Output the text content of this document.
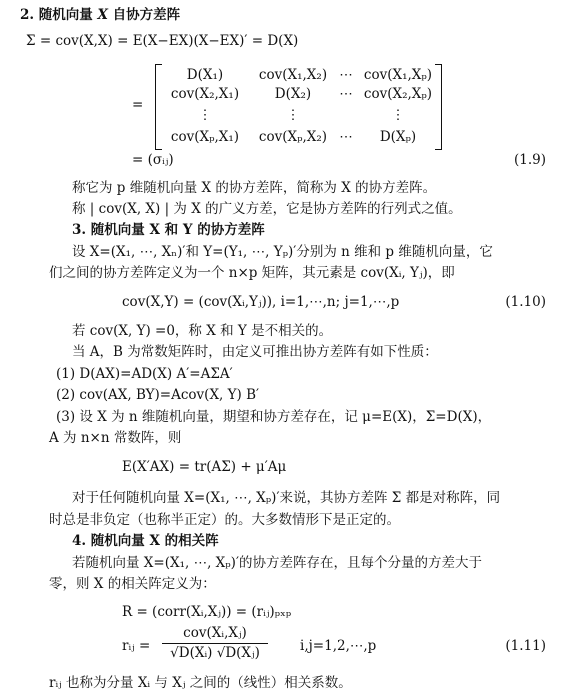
2. 随机向量 X 自协方差阵
Σ = cov(X,X) = E(X−EX)(X−EX)′ = D(X)
=
D(X₁)	cov(X₁,X₂) ⋯ cov(X₁,Xₚ)
cov(X₂,X₁)	D(X₂)	⋯ cov(X₂,Xₚ)
⋮	⋮	⋮
cov(Xₚ,X₁)	cov(Xₚ,X₂) ⋯	D(Xₚ)
= (σᵢⱼ)	(1.9)
称它为 p 维随机向量 X 的协方差阵，简称为 X 的协方差阵。
称 | cov(X, X) | 为 X 的广义方差，它是协方差阵的行列式之值。
3. 随机向量 X 和 Y 的协方差阵
设 X=(X₁, ⋯, Xₙ)′和 Y=(Y₁, ⋯, Yₚ)′分别为 n 维和 p 维随机向量，它
们之间的协方差阵定义为一个 n×p 矩阵，其元素是 cov(Xᵢ, Yⱼ)，即
cov(X,Y) = (cov(Xᵢ,Yⱼ)), i=1,⋯,n; j=1,⋯,p	(1.10)
若 cov(X, Y) =0，称 X 和 Y 是不相关的。
当 A，B 为常数矩阵时，由定义可推出协方差阵有如下性质：
(1) D(AX)=AD(X) A′=AΣA′
(2) cov(AX, BY)=Acov(X, Y) B′
(3) 设 X 为 n 维随机向量，期望和协方差存在，记 μ=E(X)，Σ=D(X)，
A 为 n×n 常数阵，则
E(X′AX) = tr(AΣ) + μ′Aμ
对于任何随机向量 X=(X₁, ⋯, Xₚ)′来说，其协方差阵 Σ 都是对称阵，同
时总是非负定（也称半正定）的。大多数情形下是正定的。
4. 随机向量 X 的相关阵
若随机向量 X=(X₁, ⋯, Xₚ)′的协方差阵存在，且每个分量的方差大于
零，则 X 的相关阵定义为：
R = (corr(Xᵢ,Xⱼ)) = (rᵢⱼ)ₚₓₚ
rᵢⱼ =
cov(Xᵢ,Xⱼ)
√D(Xᵢ) √D(Xⱼ)	i,j=1,2,⋯,p	(1.11)
rᵢⱼ 也称为分量 Xᵢ 与 Xⱼ 之间的（线性）相关系数。
